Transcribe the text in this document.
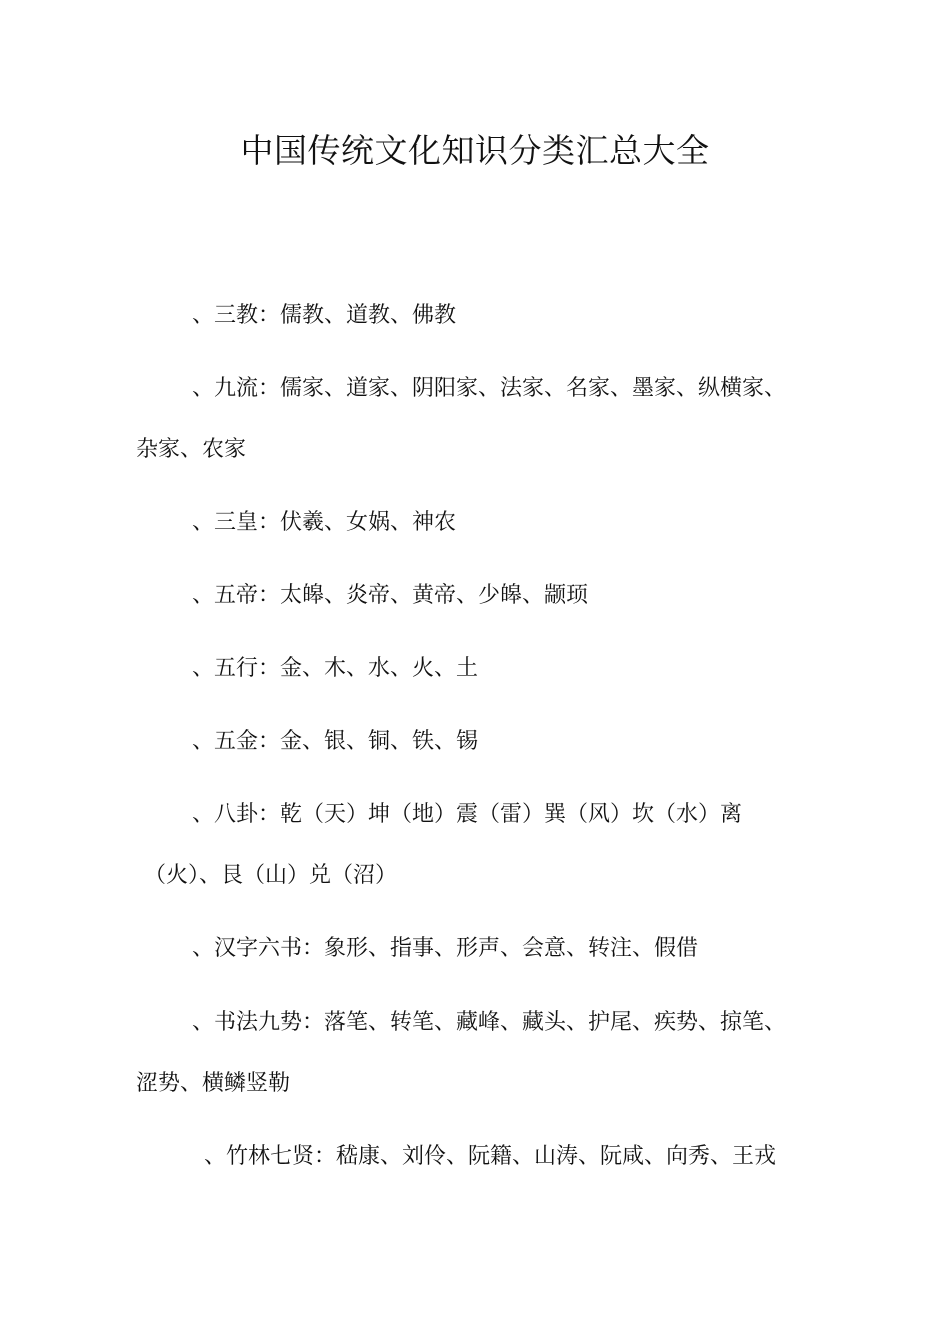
中国传统文化知识分类汇总大全
、三教：儒教、道教、佛教
、九流：儒家、道家、阴阳家、法家、名家、墨家、纵横家、
杂家、农家
、三皇：伏羲、女娲、神农
、五帝：太皞、炎帝、黄帝、少皞、颛顼
、五行：金、木、水、火、土
、五金：金、银、铜、铁、锡
、八卦：乾（天）坤（地）震（雷）巽（风）坎（水）离
（火）、艮（山）兑（沼）
、汉字六书：象形、指事、形声、会意、转注、假借
、书法九势：落笔、转笔、藏峰、藏头、护尾、疾势、掠笔、
涩势、横鳞竖勒
、竹林七贤：嵇康、刘伶、阮籍、山涛、阮咸、向秀、王戎
